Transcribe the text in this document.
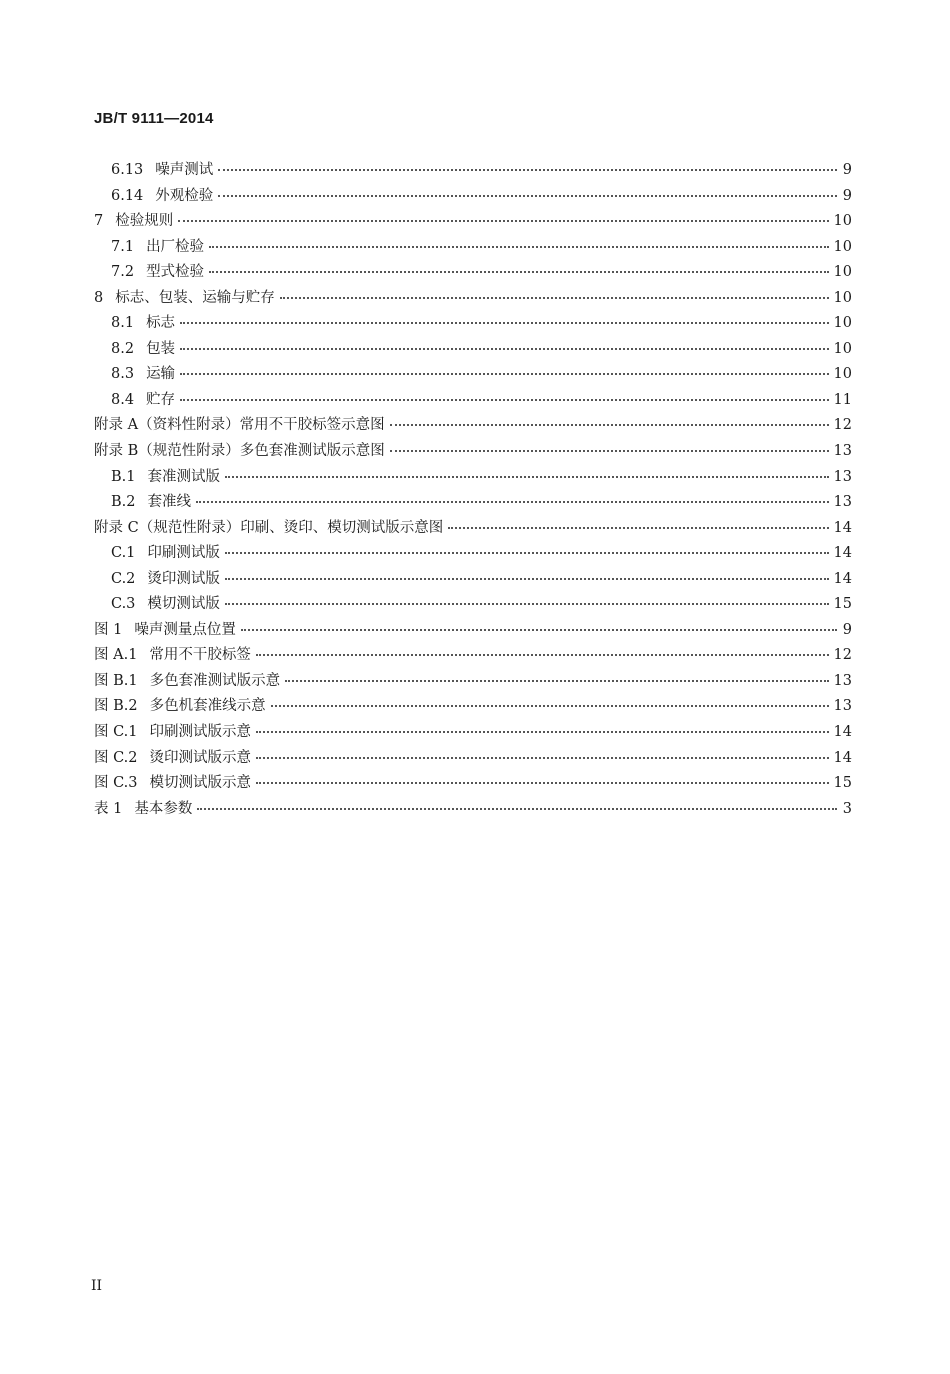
JB/T 9111—2014
6.13 噪声测试	9
6.14 外观检验	9
7 检验规则	10
7.1 出厂检验	10
7.2 型式检验	10
8 标志、包装、运输与贮存	10
8.1 标志	10
8.2 包装	10
8.3 运输	10
8.4 贮存	11
附录 A（资料性附录）常用不干胶标签示意图	12
附录 B（规范性附录）多色套准测试版示意图	13
B.1 套准测试版	13
B.2 套准线	13
附录 C（规范性附录）印刷、烫印、模切测试版示意图	14
C.1 印刷测试版	14
C.2 烫印测试版	14
C.3 模切测试版	15
图 1 噪声测量点位置	9
图 A.1 常用不干胶标签	12
图 B.1 多色套准测试版示意	13
图 B.2 多色机套准线示意	13
图 C.1 印刷测试版示意	14
图 C.2 烫印测试版示意	14
图 C.3 模切测试版示意	15
表 1 基本参数	3
II
